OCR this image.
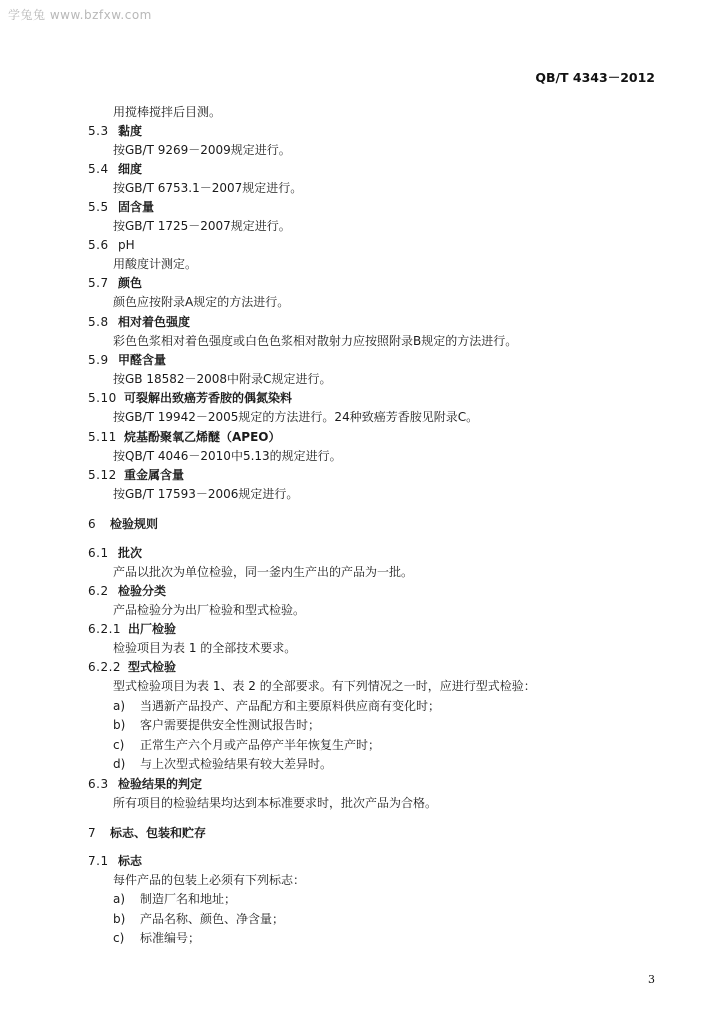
学兔兔 www.bzfxw.com
QB/T 4343－2012
用搅棒搅拌后目测。
5.3 黏度
按GB/T 9269－2009规定进行。
5.4 细度
按GB/T 6753.1－2007规定进行。
5.5 固含量
按GB/T 1725－2007规定进行。
5.6 pH
用酸度计测定。
5.7 颜色
颜色应按附录A规定的方法进行。
5.8 相对着色强度
彩色色浆相对着色强度或白色色浆相对散射力应按照附录B规定的方法进行。
5.9 甲醛含量
按GB 18582－2008中附录C规定进行。
5.10 可裂解出致癌芳香胺的偶氮染料
按GB/T 19942－2005规定的方法进行。24种致癌芳香胺见附录C。
5.11 烷基酚聚氧乙烯醚（APEO）
按QB/T 4046－2010中5.13的规定进行。
5.12 重金属含量
按GB/T 17593－2006规定进行。
6 检验规则
6.1 批次
产品以批次为单位检验，同一釜内生产出的产品为一批。
6.2 检验分类
产品检验分为出厂检验和型式检验。
6.2.1 出厂检验
检验项目为表 1 的全部技术要求。
6.2.2 型式检验
型式检验项目为表 1、表 2 的全部要求。有下列情况之一时，应进行型式检验：
a) 当遇新产品投产、产品配方和主要原料供应商有变化时；
b) 客户需要提供安全性测试报告时；
c) 正常生产六个月或产品停产半年恢复生产时；
d) 与上次型式检验结果有较大差异时。
6.3 检验结果的判定
所有项目的检验结果均达到本标准要求时，批次产品为合格。
7 标志、包装和贮存
7.1 标志
每件产品的包装上必须有下列标志：
a) 制造厂名和地址；
b) 产品名称、颜色、净含量；
c) 标准编号；
3
